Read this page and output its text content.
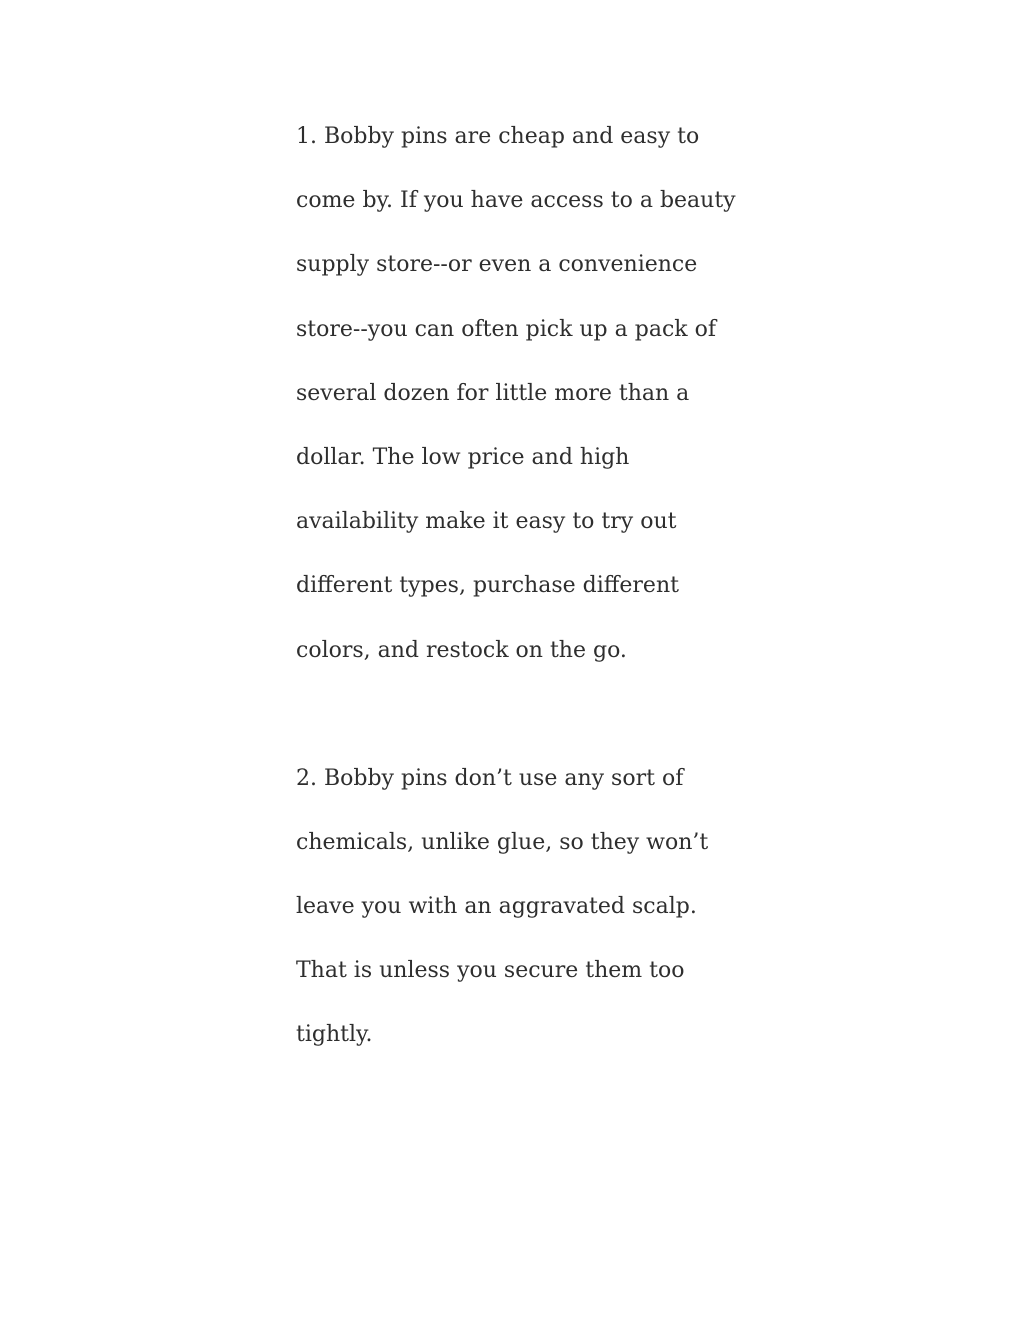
1. Bobby pins are cheap and easy to
come by. If you have access to a beauty
supply store--or even a convenience
store--you can often pick up a pack of
several dozen for little more than a
dollar. The low price and high
availability make it easy to try out
different types, purchase different
colors, and restock on the go.

2. Bobby pins don’t use any sort of
chemicals, unlike glue, so they won’t
leave you with an aggravated scalp.
That is unless you secure them too
tightly.
